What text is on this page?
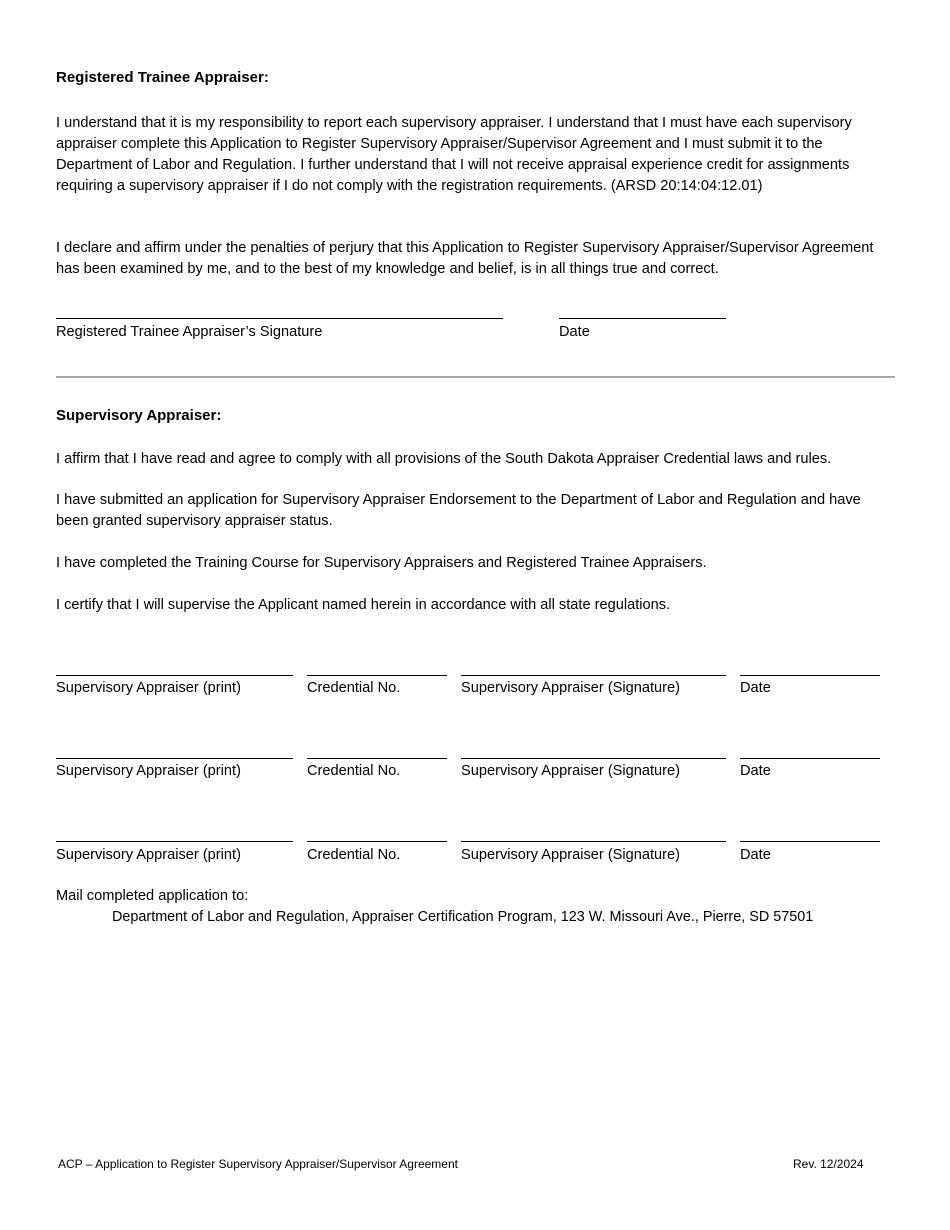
Registered Trainee Appraiser:

I understand that it is my responsibility to report each supervisory appraiser. I understand that I must have each supervisory appraiser complete this Application to Register Supervisory Appraiser/Supervisor Agreement and I must submit it to the Department of Labor and Regulation. I further understand that I will not receive appraisal experience credit for assignments requiring a supervisory appraiser if I do not comply with the registration requirements. (ARSD 20:14:04:12.01)

I declare and affirm under the penalties of perjury that this Application to Register Supervisory Appraiser/Supervisor Agreement has been examined by me, and to the best of my knowledge and belief, is in all things true and correct.

Registered Trainee Appraiser’s Signature	Date
Supervisory Appraiser:

I affirm that I have read and agree to comply with all provisions of the South Dakota Appraiser Credential laws and rules.

I have submitted an application for Supervisory Appraiser Endorsement to the Department of Labor and Regulation and have been granted supervisory appraiser status.

I have completed the Training Course for Supervisory Appraisers and Registered Trainee Appraisers.

I certify that I will supervise the Applicant named herein in accordance with all state regulations.

Supervisory Appraiser (print)	Credential No.	Supervisory Appraiser (Signature)	Date
Supervisory Appraiser (print)	Credential No.	Supervisory Appraiser (Signature)	Date
Supervisory Appraiser (print)	Credential No.	Supervisory Appraiser (Signature)	Date
Mail completed application to:
Department of Labor and Regulation, Appraiser Certification Program, 123 W. Missouri Ave., Pierre, SD 57501
ACP – Application to Register Supervisory Appraiser/Supervisor Agreement	Rev. 12/2024
